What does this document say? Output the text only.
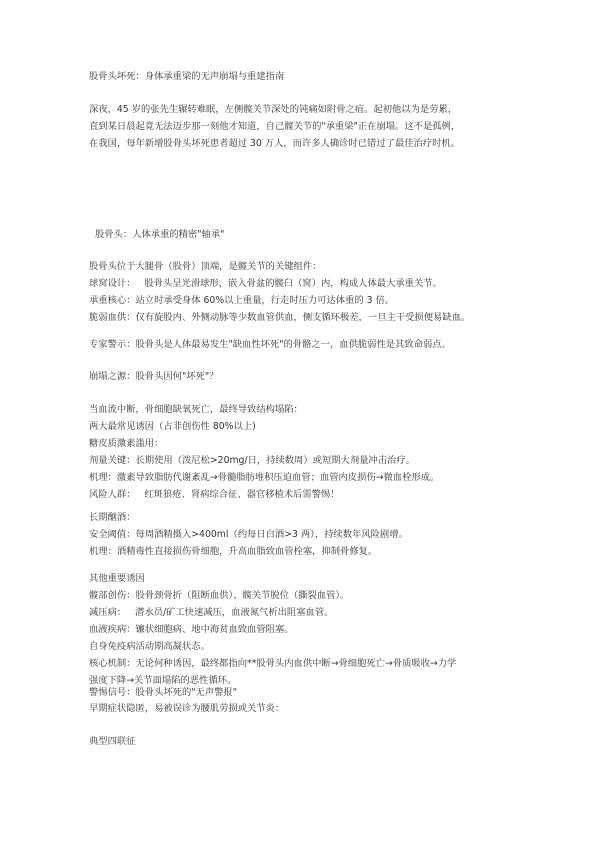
股骨头坏死：身体承重梁的无声崩塌与重建指南
深夜，45 岁的张先生辗转难眠，左侧髋关节深处的钝痛如附骨之疽。起初他以为是劳累，
直到某日晨起竟无法迈步那一刻他才知道，自己髋关节的"承重梁"正在崩塌。这不是孤例，
在我国，每年新增股骨头坏死患者超过 30 万人，而许多人确诊时已错过了最佳治疗时机。
股骨头：人体承重的精密"轴承"
股骨头位于大腿骨（股骨）顶端，是髋关节的关键组件：
球窝设计：   股骨头呈光滑球形，嵌入骨盆的髋臼（窝）内，构成人体最大承重关节。
承重核心：站立时承受身体 60%以上重量，行走时压力可达体重的 3 倍。
脆弱血供：仅有旋股内、外侧动脉等少数血管供血，侧支循环极差，一旦主干受损便易缺血。
专家警示：股骨头是人体最易发生"缺血性坏死"的骨骼之一，血供脆弱性是其致命弱点。
崩塌之源：股骨头因何"坏死"？
当血流中断，骨细胞缺氧死亡，最终导致结构塌陷：
两大最常见诱因（占非创伤性 80%以上)
糖皮质激素滥用：
剂量关键：长期使用（泼尼松>20mg/日，持续数周）或短期大剂量冲击治疗。
机理：激素导致脂肪代谢紊乱→骨髓脂肪堆积压迫血管；血管内皮损伤→微血栓形成。
风险人群：   红斑狼疮、肾病综合征、器官移植术后需警惕！
长期酗酒：
安全阈值：每周酒精摄入>400ml（约每日白酒>3 两），持续数年风险剧增。
机理：酒精毒性直接损伤骨细胞，升高血脂致血管栓塞，抑制骨修复。
其他重要诱因
髋部创伤：股骨颈骨折（阻断血供）、髋关节脱位（撕裂血管）。
减压病：   潜水员/矿工快速减压，血液氮气析出阻塞血管。
血液疾病：镰状细胞病、地中海贫血致血管阻塞。
自身免疫病活动期高凝状态。
核心机制：无论何种诱因，最终都指向**股骨头内血供中断→骨细胞死亡→骨质吸收→力学
强度下降→关节面塌陷的恶性循环。
警惕信号：股骨头坏死的"无声警报"
早期症状隐匿，易被误诊为腰肌劳损或关节炎：
典型四联征
